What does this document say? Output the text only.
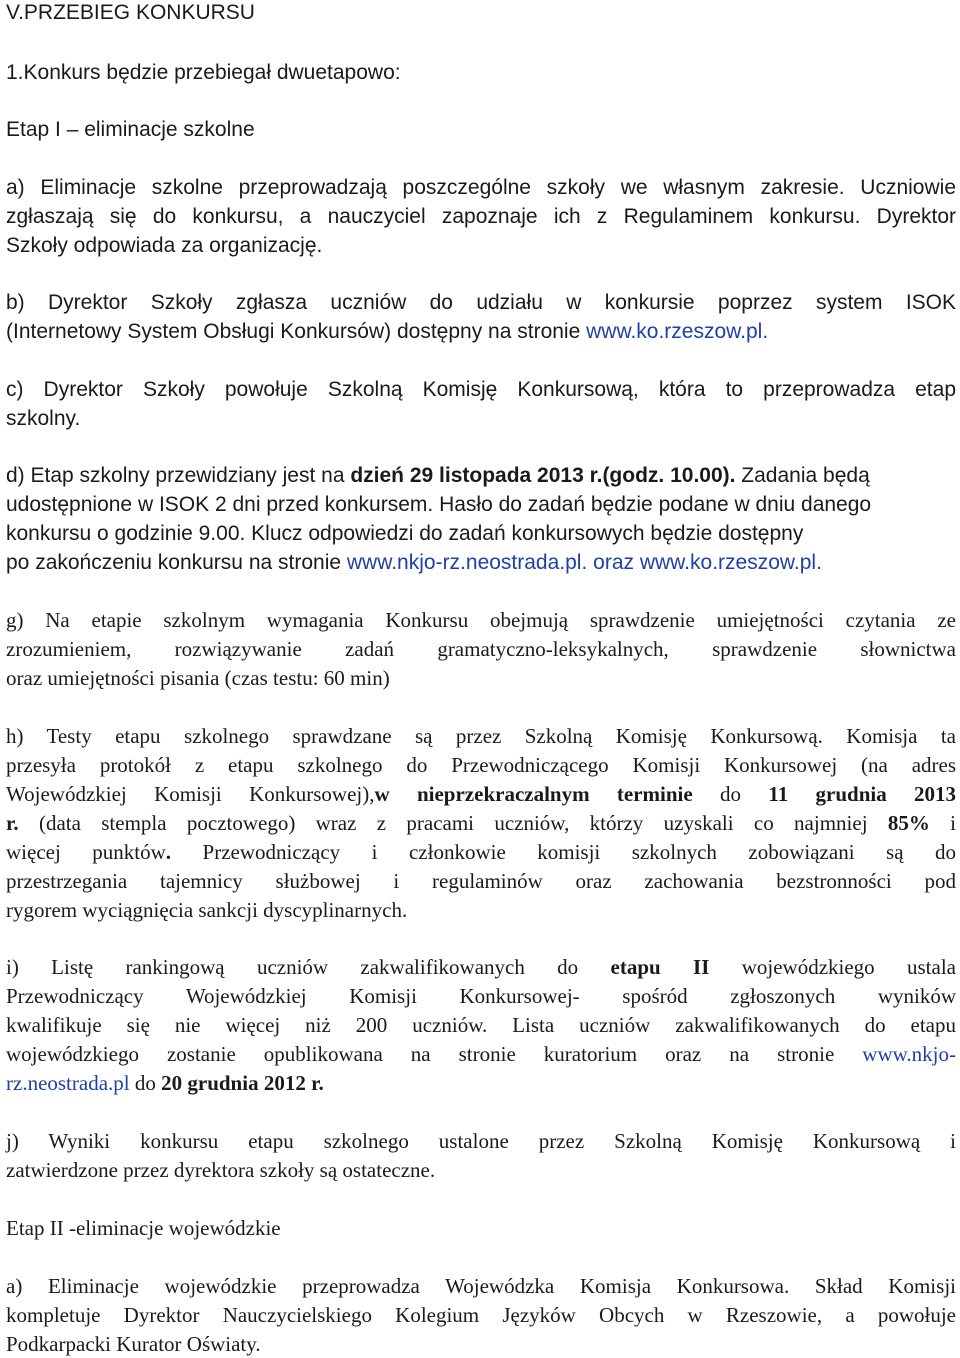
V.PRZEBIEG KONKURSU
1.Konkurs będzie przebiegał dwuetapowo:
Etap I – eliminacje szkolne
a) Eliminacje szkolne przeprowadzają poszczególne szkoły we własnym zakresie. Uczniowie
zgłaszają się do konkursu, a nauczyciel zapoznaje ich z Regulaminem konkursu. Dyrektor
Szkoły odpowiada za organizację.
b) Dyrektor Szkoły zgłasza uczniów do udziału w konkursie poprzez system ISOK
(Internetowy System Obsługi Konkursów) dostępny na stronie www.ko.rzeszow.pl.
c) Dyrektor Szkoły powołuje Szkolną Komisję Konkursową, która to przeprowadza etap
szkolny.
d) Etap szkolny przewidziany jest na dzień 29 listopada 2013 r.(godz. 10.00). Zadania będą
udostępnione w ISOK 2 dni przed konkursem. Hasło do zadań będzie podane w dniu danego
konkursu o godzinie 9.00. Klucz odpowiedzi do zadań konkursowych będzie dostępny
po zakończeniu konkursu na stronie www.nkjo-rz.neostrada.pl. oraz www.ko.rzeszow.pl.
g) Na etapie szkolnym wymagania Konkursu obejmują sprawdzenie umiejętności czytania ze
zrozumieniem, rozwiązywanie zadań gramatyczno-leksykalnych, sprawdzenie słownictwa
oraz umiejętności pisania (czas testu: 60 min)
h) Testy etapu szkolnego sprawdzane są przez Szkolną Komisję Konkursową. Komisja ta
przesyła protokół z etapu szkolnego do Przewodniczącego Komisji Konkursowej (na adres
Wojewódzkiej Komisji Konkursowej),w nieprzekraczalnym terminie do 11 grudnia 2013
r. (data stempla pocztowego) wraz z pracami uczniów, którzy uzyskali co najmniej 85% i
więcej punktów. Przewodniczący i członkowie komisji szkolnych zobowiązani są do
przestrzegania tajemnicy służbowej i regulaminów oraz zachowania bezstronności pod
rygorem wyciągnięcia sankcji dyscyplinarnych.
i) Listę rankingową uczniów zakwalifikowanych do etapu II wojewódzkiego ustala
Przewodniczący Wojewódzkiej Komisji Konkursowej- spośród zgłoszonych wyników
kwalifikuje się nie więcej niż 200 uczniów. Lista uczniów zakwalifikowanych do etapu
wojewódzkiego zostanie opublikowana na stronie kuratorium oraz na stronie www.nkjo-
rz.neostrada.pl do 20 grudnia 2012 r.
j) Wyniki konkursu etapu szkolnego ustalone przez Szkolną Komisję Konkursową i
zatwierdzone przez dyrektora szkoły są ostateczne.
Etap II -eliminacje wojewódzkie
a) Eliminacje wojewódzkie przeprowadza Wojewódzka Komisja Konkursowa. Skład Komisji
kompletuje Dyrektor Nauczycielskiego Kolegium Języków Obcych w Rzeszowie, a powołuje
Podkarpacki Kurator Oświaty.
